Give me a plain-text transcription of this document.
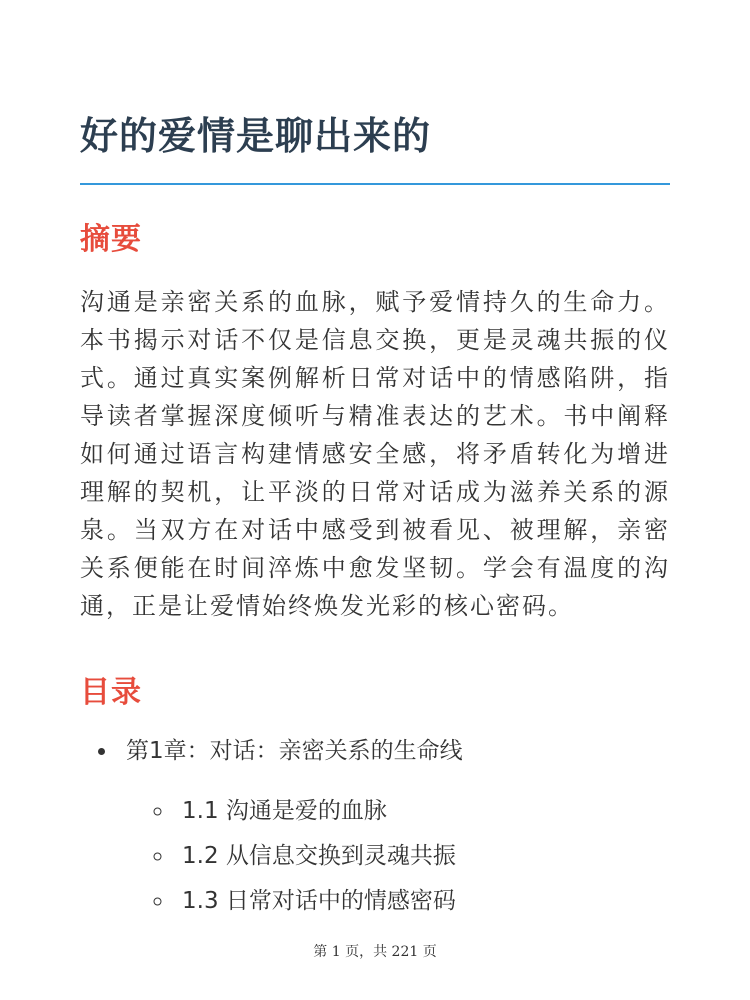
好的爱情是聊出来的
摘要

沟通是亲密关系的血脉，赋予爱情持久的生命力。本书揭示对话不仅是信息交换，更是灵魂共振的仪式。通过真实案例解析日常对话中的情感陷阱，指导读者掌握深度倾听与精准表达的艺术。书中阐释如何通过语言构建情感安全感，将矛盾转化为增进理解的契机，让平淡的日常对话成为滋养关系的源泉。当双方在对话中感受到被看见、被理解，亲密关系便能在时间淬炼中愈发坚韧。学会有温度的沟通，正是让爱情始终焕发光彩的核心密码。

目录
• 第1章：对话：亲密关系的生命线
◦ 1.1 沟通是爱的血脉
◦ 1.2 从信息交换到灵魂共振
◦ 1.3 日常对话中的情感密码
第 1 页，共 221 页
